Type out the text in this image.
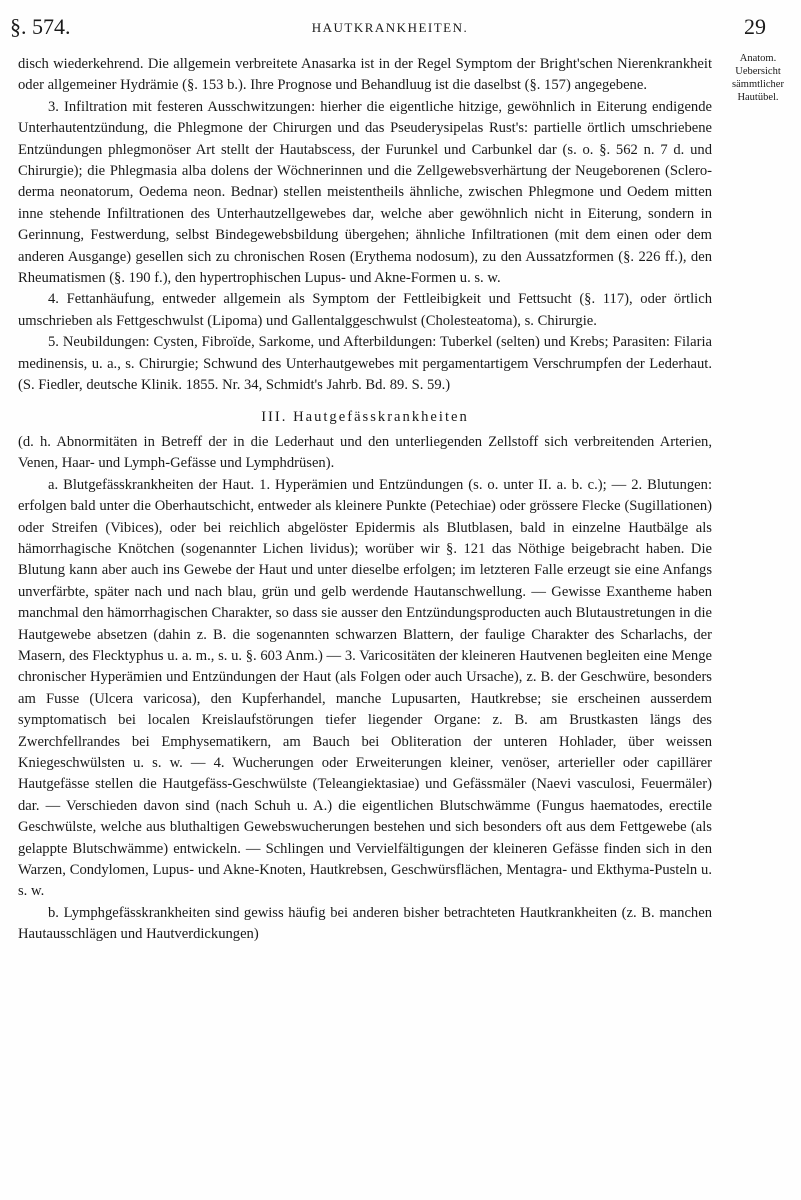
§. 574.	HAUTKRANKHEITEN.	29
Anatom. Uebersicht sämmtlicher Hautübel.

disch wiederkehrend. Die allgemein verbreitete Anasarka ist in der Regel Symptom der Bright'schen Nierenkrankheit oder allgemeiner Hydrämie (§. 153 b.). Ihre Prognose und Behandluug ist die daselbst (§. 157) angegebene.

3. Infiltration mit festeren Ausschwitzungen: hierher die eigentliche hitzige, gewöhnlich in Eiterung endigende Unterhautentzündung, die Phlegmone der Chirurgen und das Pseuderysipelas Rust's: partielle örtlich umschriebene Entzündungen phlegmonöser Art stellt der Hautabscess, der Furunkel und Carbunkel dar (s. o. §. 562 n. 7 d. und Chirurgie); die Phlegmasia alba dolens der Wöchnerinnen und die Zellgewebsverhärtung der Neugeborenen (Sclero-derma neonatorum, Oedema neon. Bednar) stellen meistentheils ähnliche, zwischen Phlegmone und Oedem mitten inne stehende Infiltrationen des Unterhautzellgewebes dar, welche aber gewöhnlich nicht in Eiterung, sondern in Gerinnung, Festwerdung, selbst Bindegewebsbildung übergehen; ähnliche Infiltrationen (mit dem einen oder dem anderen Ausgange) gesellen sich zu chronischen Rosen (Erythema nodosum), zu den Aussatzformen (§. 226 ff.), den Rheumatismen (§. 190 f.), den hypertrophischen Lupus- und Akne-Formen u. s. w.

4. Fettanhäufung, entweder allgemein als Symptom der Fettleibigkeit und Fettsucht (§. 117), oder örtlich umschrieben als Fettgeschwulst (Lipoma) und Gallentalggeschwulst (Cholesteatoma), s. Chirurgie.

5. Neubildungen: Cysten, Fibroïde, Sarkome, und Afterbildungen: Tuberkel (selten) und Krebs; Parasiten: Filaria medinensis, u. a., s. Chirurgie; Schwund des Unterhautgewebes mit pergamentartigem Verschrumpfen der Lederhaut. (S. Fiedler, deutsche Klinik. 1855. Nr. 34, Schmidt's Jahrb. Bd. 89. S. 59.)

III. Hautgefässkrankheiten

(d. h. Abnormitäten in Betreff der in die Lederhaut und den unterliegenden Zellstoff sich verbreitenden Arterien, Venen, Haar- und Lymph-Gefässe und Lymphdrüsen).

a. Blutgefässkrankheiten der Haut. 1. Hyperämien und Entzündungen (s. o. unter II. a. b. c.); — 2. Blutungen: erfolgen bald unter die Oberhautschicht, entweder als kleinere Punkte (Petechiae) oder grössere Flecke (Sugillationen) oder Streifen (Vibices), oder bei reichlich abgelöster Epidermis als Blutblasen, bald in einzelne Hautbälge als hämorrhagische Knötchen (sogenannter Lichen lividus); worüber wir §. 121 das Nöthige beigebracht haben. Die Blutung kann aber auch ins Gewebe der Haut und unter dieselbe erfolgen; im letzteren Falle erzeugt sie eine Anfangs unverfärbte, später nach und nach blau, grün und gelb werdende Hautanschwellung. — Gewisse Exantheme haben manchmal den hämorrhagischen Charakter, so dass sie ausser den Entzündungsproducten auch Blutaustretungen in die Hautgewebe absetzen (dahin z. B. die sogenannten schwarzen Blattern, der faulige Charakter des Scharlachs, der Masern, des Flecktyphus u. a. m., s. u. §. 603 Anm.) — 3. Varicositäten der kleineren Hautvenen begleiten eine Menge chronischer Hyperämien und Entzündungen der Haut (als Folgen oder auch Ursache), z. B. der Geschwüre, besonders am Fusse (Ulcera varicosa), den Kupferhandel, manche Lupusarten, Hautkrebse; sie erscheinen ausserdem symptomatisch bei localen Kreislaufstörungen tiefer liegender Organe: z. B. am Brustkasten längs des Zwerchfellrandes bei Emphysematikern, am Bauch bei Obliteration der unteren Hohlader, über weissen Kniegeschwülsten u. s. w. — 4. Wucherungen oder Erweiterungen kleiner, venöser, arterieller oder capillärer Hautgefässe stellen die Hautgefäss-Geschwülste (Teleangiektasiae) und Gefässmäler (Naevi vasculosi, Feuermäler) dar. — Verschieden davon sind (nach Schuh u. A.) die eigentlichen Blutschwämme (Fungus haematodes, erectile Geschwülste, welche aus bluthaltigen Gewebswucherungen bestehen und sich besonders oft aus dem Fettgewebe (als gelappte Blutschwämme) entwickeln. — Schlingen und Vervielfältigungen der kleineren Gefässe finden sich in den Warzen, Condylomen, Lupus- und Akne-Knoten, Hautkrebsen, Geschwürsflächen, Mentagra- und Ekthyma-Pusteln u. s. w.

b. Lymphgefässkrankheiten sind gewiss häufig bei anderen bisher betrachteten Hautkrankheiten (z. B. manchen Hautausschlägen und Hautverdickungen)
